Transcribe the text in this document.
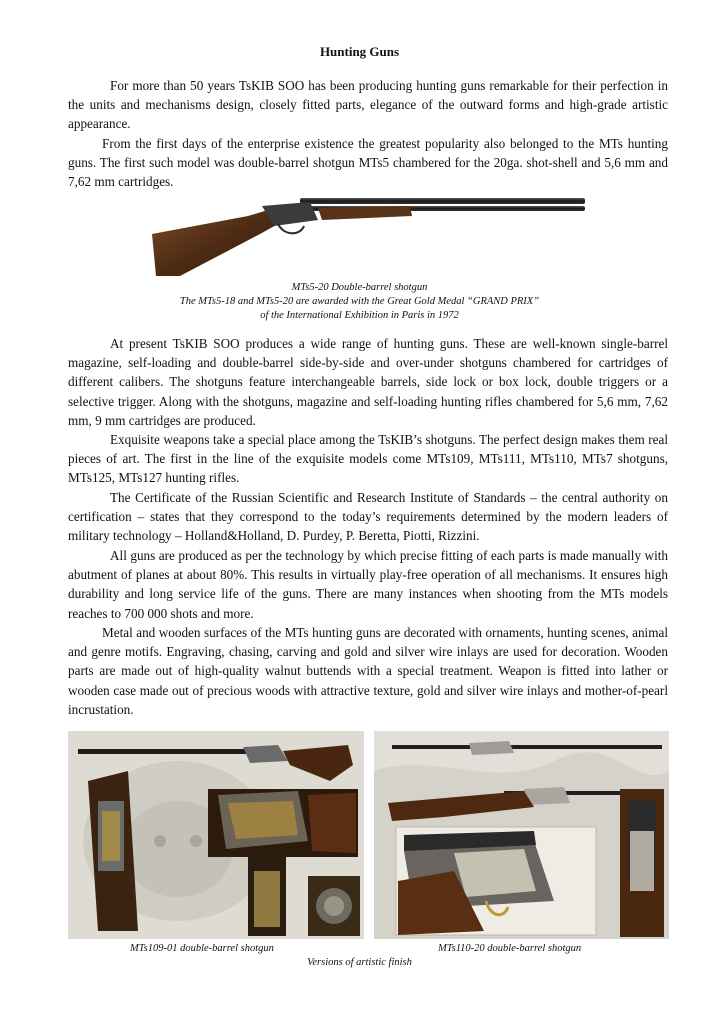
Hunting Guns

For more than 50 years TsKIB SOO has been producing hunting guns remarkable for their perfection in the units and mechanisms design, closely fitted parts, elegance of the outward forms and high-grade artistic appearance.

From the first days of the enterprise existence the greatest popularity also belonged to the MTs hunting guns. The first such model was double-barrel shotgun MTs5 chambered for the 20ga. shot-shell and 5,6 mm and 7,62 mm cartridges.

MTs5-20 Double-barrel shotgun
The MTs5-18 and MTs5-20 are awarded with the Great Gold Medal “GRAND PRIX”
of the International Exhibition in Paris in 1972

At present TsKIB SOO produces a wide range of hunting guns. These are well-known single-barrel magazine, self-loading and double-barrel side-by-side and over-under shotguns chambered for cartridges of different calibers. The shotguns feature interchangeable barrels, side lock or box lock, double triggers or a selective trigger. Along with the shotguns, magazine and self-loading hunting rifles chambered for 5,6 mm, 7,62 mm, 9 mm cartridges are produced.

Exquisite weapons take a special place among the TsKIB’s shotguns. The perfect design makes them real pieces of art. The first in the line of the exquisite models come MTs109, MTs111, MTs110, MTs7 shotguns, MTs125, MTs127 hunting rifles.

The Certificate of the Russian Scientific and Research Institute of Standards – the central authority on certification – states that they correspond to the today’s requirements determined by the modern leaders of military technology – Holland&Holland, D. Purdey, P. Beretta, Piotti, Rizzini.

All guns are produced as per the technology by which precise fitting of each parts is made manually with abutment of planes at about 80%. This results in virtually play-free operation of all mechanisms. It ensures high durability and long service life of the guns. There are many instances when shooting from the MTs models reaches to 700 000 shots and more.

Metal and wooden surfaces of the MTs hunting guns are decorated with ornaments, hunting scenes, animal and genre motifs. Engraving, chasing, carving and gold and silver wire inlays are used for decoration. Wooden parts are made out of high-quality walnut buttends with a special treatment. Weapon is fitted into lather or wooden case made out of precious woods with attractive texture, gold and silver wire inlays and mother-of-pearl incrustation.

MTs109-01 double-barrel shotgun	MTs110-20 double-barrel shotgun
Versions of artistic finish
